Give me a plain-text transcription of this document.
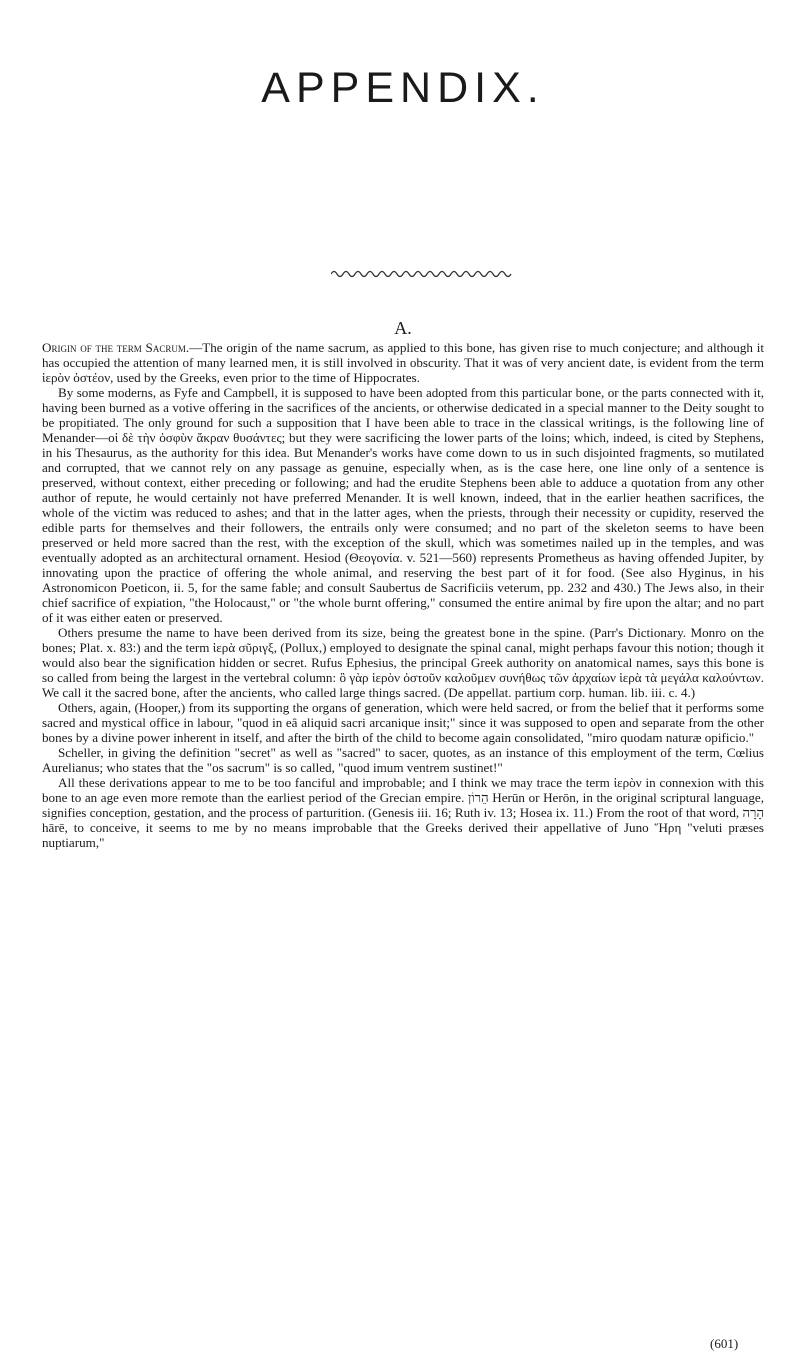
APPENDIX.
A.

Origin of the term Sacrum.—The origin of the name sacrum, as applied to this bone, has given rise to much conjecture; and although it has occupied the attention of many learned men, it is still involved in obscurity. That it was of very ancient date, is evident from the term ἱερὸν ὀστέον, used by the Greeks, even prior to the time of Hippocrates.

By some moderns, as Fyfe and Campbell, it is supposed to have been adopted from this particular bone, or the parts connected with it, having been burned as a votive offering in the sacrifices of the ancients, or otherwise dedicated in a special manner to the Deity sought to be propitiated. The only ground for such a supposition that I have been able to trace in the classical writings, is the following line of Menander—οἱ δὲ τὴν ὀσφὺν ἄκραν θυσάντες; but they were sacrificing the lower parts of the loins; which, indeed, is cited by Stephens, in his Thesaurus, as the authority for this idea. But Menander's works have come down to us in such disjointed fragments, so mutilated and corrupted, that we cannot rely on any passage as genuine, especially when, as is the case here, one line only of a sentence is preserved, without context, either preceding or following; and had the erudite Stephens been able to adduce a quotation from any other author of repute, he would certainly not have preferred Menander. It is well known, indeed, that in the earlier heathen sacrifices, the whole of the victim was reduced to ashes; and that in the latter ages, when the priests, through their necessity or cupidity, reserved the edible parts for themselves and their followers, the entrails only were consumed; and no part of the skeleton seems to have been preserved or held more sacred than the rest, with the exception of the skull, which was sometimes nailed up in the temples, and was eventually adopted as an architectural ornament. Hesiod (Θεογονία. v. 521—560) represents Prometheus as having offended Jupiter, by innovating upon the practice of offering the whole animal, and reserving the best part of it for food. (See also Hyginus, in his Astronomicon Poeticon, ii. 5, for the same fable; and consult Saubertus de Sacrificiis veterum, pp. 232 and 430.) The Jews also, in their chief sacrifice of expiation, "the Holocaust," or "the whole burnt offering," consumed the entire animal by fire upon the altar; and no part of it was either eaten or preserved.

Others presume the name to have been derived from its size, being the greatest bone in the spine. (Parr's Dictionary. Monro on the bones; Plat. x. 83:) and the term ἱερὰ σῦριγξ, (Pollux,) employed to designate the spinal canal, might perhaps favour this notion; though it would also bear the signification hidden or secret. Rufus Ephesius, the principal Greek authority on anatomical names, says this bone is so called from being the largest in the vertebral column: ὃ γὰρ ἱερὸν ὀστοῦν καλοῦμεν συνήθως τῶν ἀρχαίων ἱερὰ τὰ μεγάλα καλούντων. We call it the sacred bone, after the ancients, who called large things sacred. (De appellat. partium corp. human. lib. iii. c. 4.)

Others, again, (Hooper,) from its supporting the organs of generation, which were held sacred, or from the belief that it performs some sacred and mystical office in labour, "quod in eâ aliquid sacri arcanique insit;" since it was supposed to open and separate from the other bones by a divine power inherent in itself, and after the birth of the child to become again consolidated, "miro quodam naturæ opificio."

Scheller, in giving the definition "secret" as well as "sacred" to sacer, quotes, as an instance of this employment of the term, Cœlius Aurelianus; who states that the "os sacrum" is so called, "quod imum ventrem sustinet!"

All these derivations appear to me to be too fanciful and improbable; and I think we may trace the term ἱερὸν in connexion with this bone to an age even more remote than the earliest period of the Grecian empire. הֵרוֹן Herūn or Herōn, in the original scriptural language, signifies conception, gestation, and the process of parturition. (Genesis iii. 16; Ruth iv. 13; Hosea ix. 11.) From the root of that word, הָרָה hārē, to conceive, it seems to me by no means improbable that the Greeks derived their appellative of Juno Ἥρη "veluti præses nuptiarum,"

(601)
